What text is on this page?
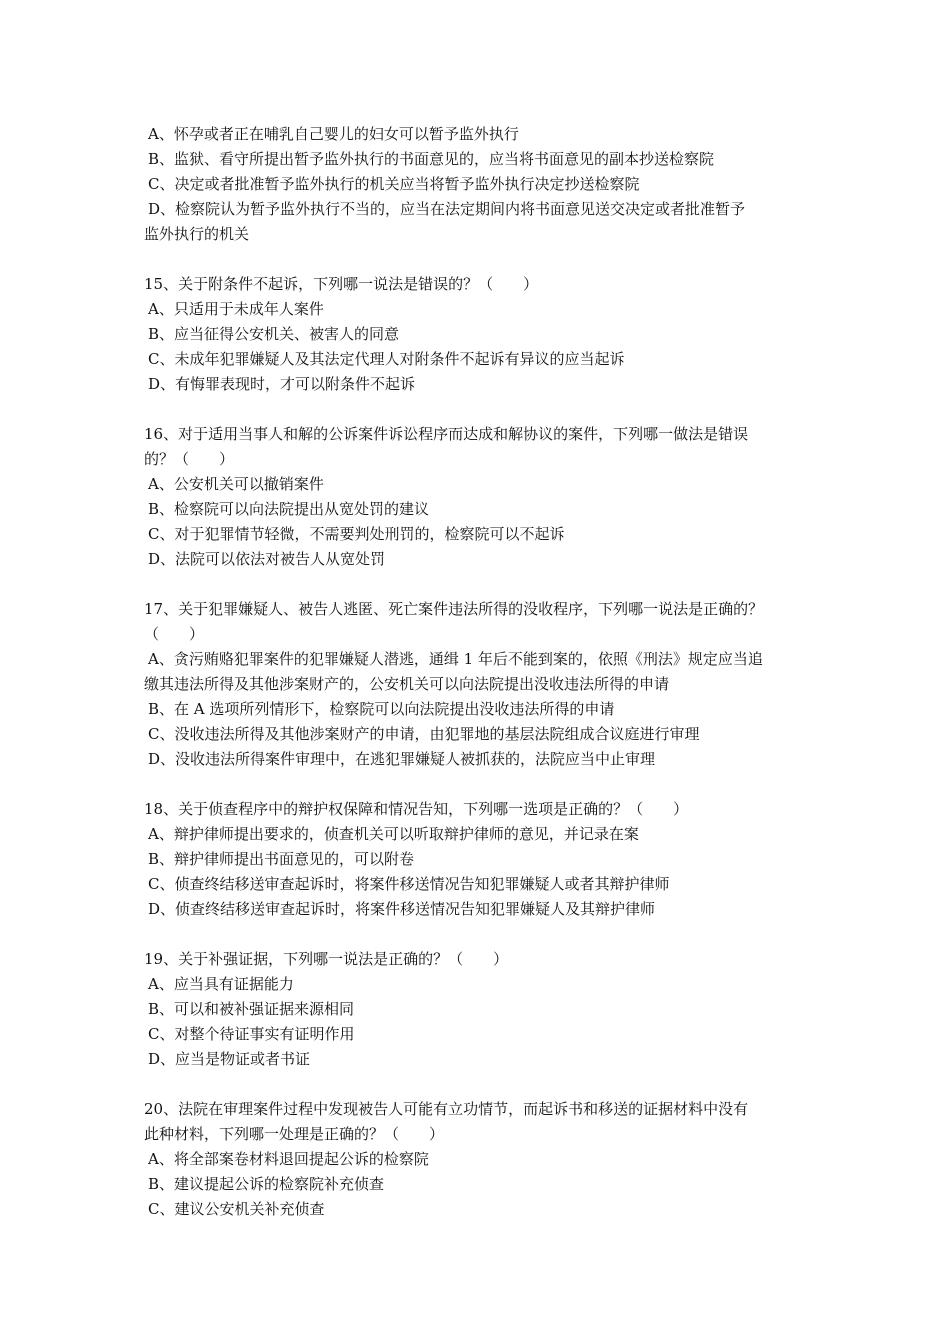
A、怀孕或者正在哺乳自己婴儿的妇女可以暂予监外执行
B、监狱、看守所提出暂予监外执行的书面意见的，应当将书面意见的副本抄送检察院
C、决定或者批准暂予监外执行的机关应当将暂予监外执行决定抄送检察院
D、检察院认为暂予监外执行不当的，应当在法定期间内将书面意见送交决定或者批准暂予
监外执行的机关
15、关于附条件不起诉，下列哪一说法是错误的？（　　）
A、只适用于未成年人案件
B、应当征得公安机关、被害人的同意
C、未成年犯罪嫌疑人及其法定代理人对附条件不起诉有异议的应当起诉
D、有悔罪表现时，才可以附条件不起诉
16、对于适用当事人和解的公诉案件诉讼程序而达成和解协议的案件，下列哪一做法是错误
的？（　　）
A、公安机关可以撤销案件
B、检察院可以向法院提出从宽处罚的建议
C、对于犯罪情节轻微，不需要判处刑罚的，检察院可以不起诉
D、法院可以依法对被告人从宽处罚
17、关于犯罪嫌疑人、被告人逃匿、死亡案件违法所得的没收程序，下列哪一说法是正确的？
（　　）
A、贪污贿赂犯罪案件的犯罪嫌疑人潜逃，通缉 1 年后不能到案的，依照《刑法》规定应当追
缴其违法所得及其他涉案财产的，公安机关可以向法院提出没收违法所得的申请
B、在 A 选项所列情形下，检察院可以向法院提出没收违法所得的申请
C、没收违法所得及其他涉案财产的申请，由犯罪地的基层法院组成合议庭进行审理
D、没收违法所得案件审理中，在逃犯罪嫌疑人被抓获的，法院应当中止审理
18、关于侦查程序中的辩护权保障和情况告知，下列哪一选项是正确的？（　　）
A、辩护律师提出要求的，侦查机关可以听取辩护律师的意见，并记录在案
B、辩护律师提出书面意见的，可以附卷
C、侦查终结移送审查起诉时，将案件移送情况告知犯罪嫌疑人或者其辩护律师
D、侦查终结移送审查起诉时，将案件移送情况告知犯罪嫌疑人及其辩护律师
19、关于补强证据，下列哪一说法是正确的？（　　）
A、应当具有证据能力
B、可以和被补强证据来源相同
C、对整个待证事实有证明作用
D、应当是物证或者书证
20、法院在审理案件过程中发现被告人可能有立功情节，而起诉书和移送的证据材料中没有
此种材料，下列哪一处理是正确的？（　　）
A、将全部案卷材料退回提起公诉的检察院
B、建议提起公诉的检察院补充侦查
C、建议公安机关补充侦查
